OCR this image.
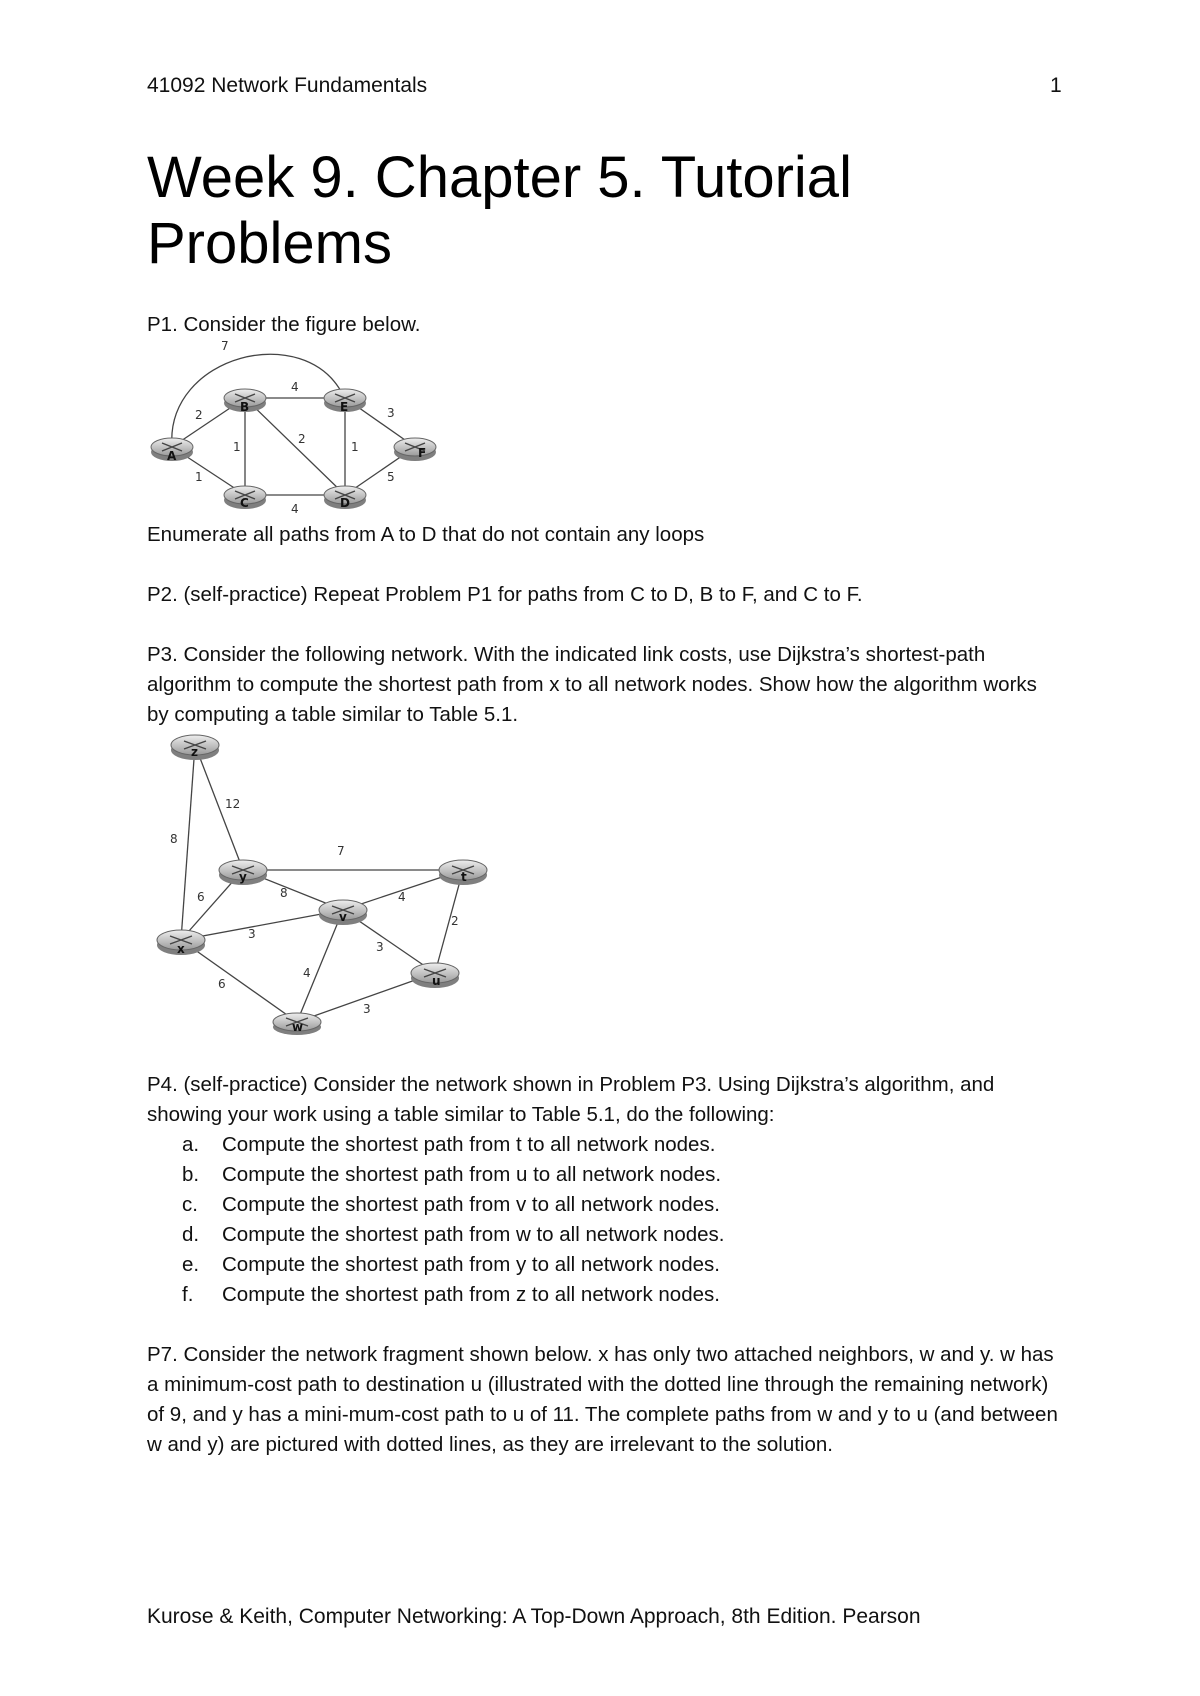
41092 Network Fundamentals	1
Week 9. Chapter 5. Tutorial Problems
P1. Consider the figure below.
7
2
1
4
1
2
1
3
4
5
A
B	E
F
C	D
Enumerate all paths from A to D that do not contain any loops
P2. (self-practice) Repeat Problem P1 for paths from C to D, B to F, and C to F.
P3. Consider the following network. With the indicated link costs, use Dijkstra’s shortest-path algorithm to compute the shortest path from x to all network nodes. Show how the algorithm works by computing a table similar to Table 5.1.
12
8
7
6	8	4
3
2
3
6
4
3
z
y	t
v
x
u
w
P4. (self-practice) Consider the network shown in Problem P3. Using Dijkstra’s algorithm, and showing your work using a table similar to Table 5.1, do the following:
a.	Compute the shortest path from t to all network nodes.
b.	Compute the shortest path from u to all network nodes.
c.	Compute the shortest path from v to all network nodes.
d.	Compute the shortest path from w to all network nodes.
e.	Compute the shortest path from y to all network nodes.
f.	Compute the shortest path from z to all network nodes.
P7. Consider the network fragment shown below. x has only two attached neighbors, w and y. w has a minimum-cost path to destination u (illustrated with the dotted line through the remaining network) of 9, and y has a mini-mum-cost path to u of 11. The complete paths from w and y to u (and between w and y) are pictured with dotted lines, as they are irrelevant to the solution.
Kurose & Keith, Computer Networking: A Top-Down Approach, 8th Edition. Pearson
